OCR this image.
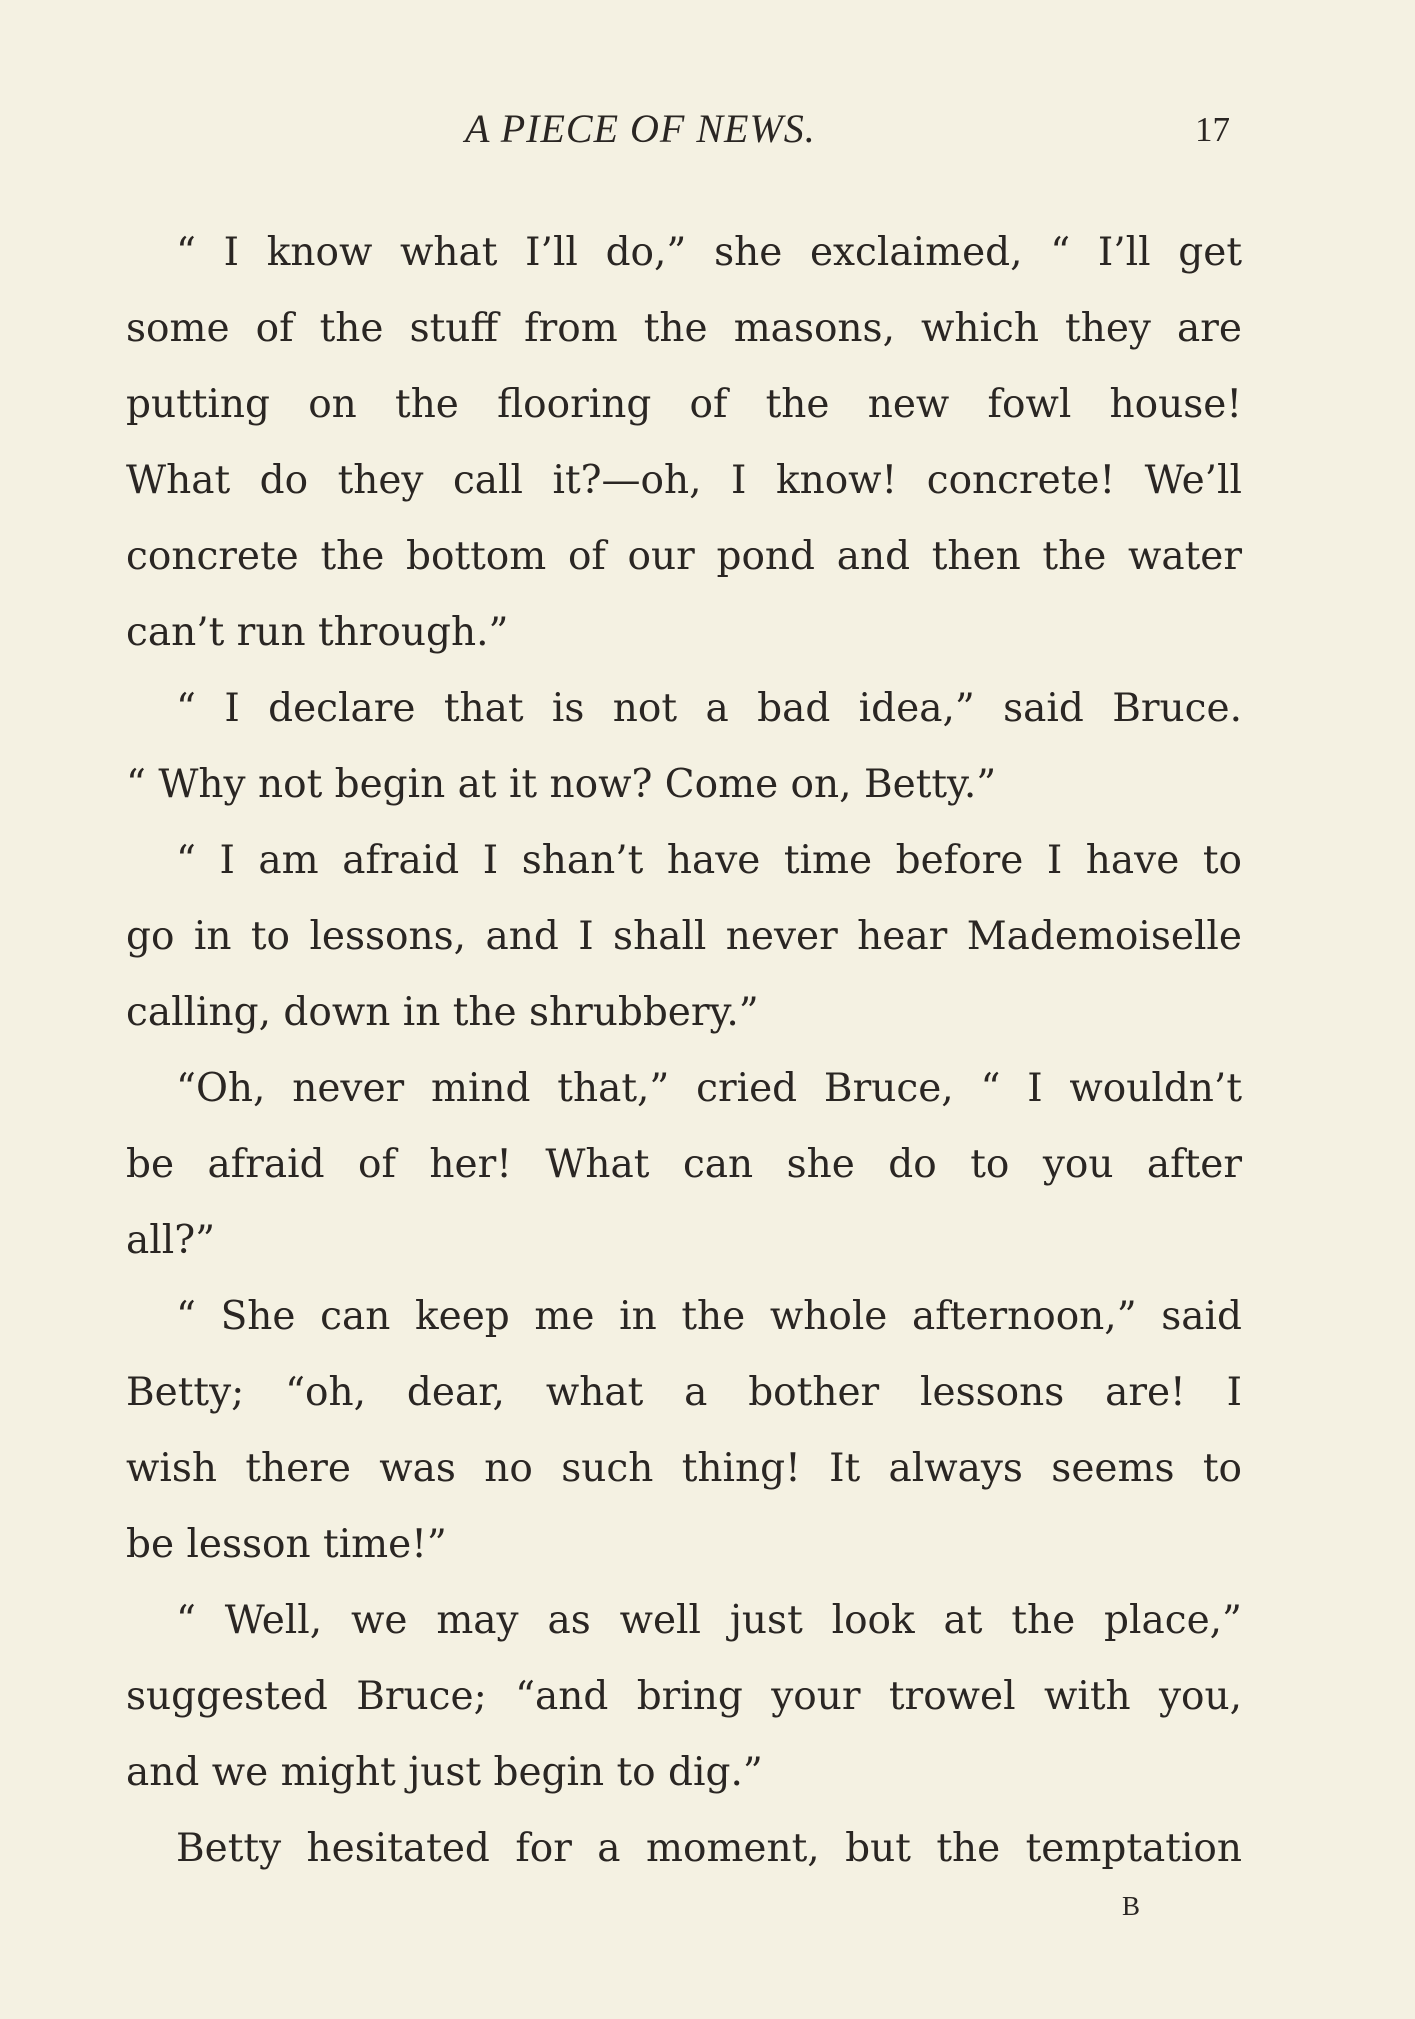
A PIECE OF NEWS.	17
“ I know what I’ll do,” she exclaimed, “ I’ll get
some of the stuff from the masons, which they are
putting on the flooring of the new fowl house!
What do they call it?—oh, I know! concrete! We’ll
concrete the bottom of our pond and then the water
can’t run through.”
“ I declare that is not a bad idea,” said Bruce.
“ Why not begin at it now? Come on, Betty.”
“ I am afraid I shan’t have time before I have to
go in to lessons, and I shall never hear Mademoiselle
calling, down in the shrubbery.”
“Oh, never mind that,” cried Bruce, “ I wouldn’t
be afraid of her! What can she do to you after
all?”
“ She can keep me in the whole afternoon,” said
Betty; “oh, dear, what a bother lessons are! I
wish there was no such thing! It always seems to
be lesson time!”
“ Well, we may as well just look at the place,”
suggested Bruce; “and bring your trowel with you,
and we might just begin to dig.”
Betty hesitated for a moment, but the temptation
B
